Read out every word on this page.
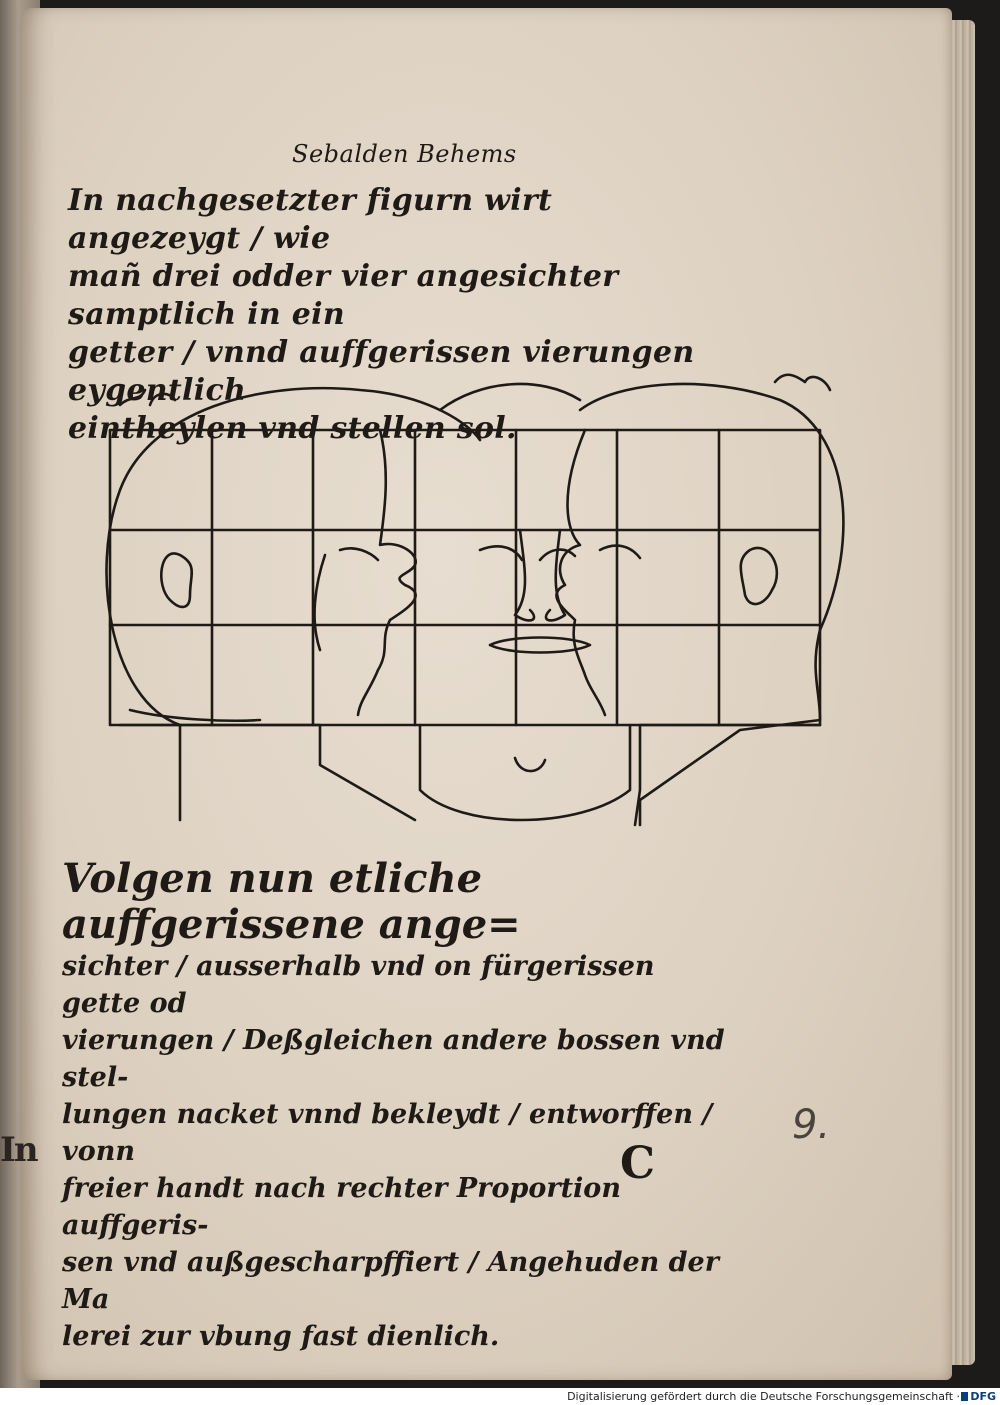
In
Sebalden Behems
In nachgesetzter figurn wirt angezeygt / wie
mañ drei odder vier angesichter samptlich in ein
getter / vnnd auffgerissen vierungen eygentlich
eintheylen vnd stellen sol.
Volgen nun etliche auffgerissene ange=
sichter / ausserhalb vnd on fürgerissen gette od
vierungen / Deßgleichen andere bossen vnd stel-
lungen nacket vnnd bekleydt / entworffen / vonn
freier handt nach rechter Proportion auffgeris-
sen vnd außgescharpffiert / Angehuden der Ma
lerei zur vbung fast dienlich.
9.
C
Digitalisierung gefördert durch die Deutsche Forschungsgemeinschaft · DFG
